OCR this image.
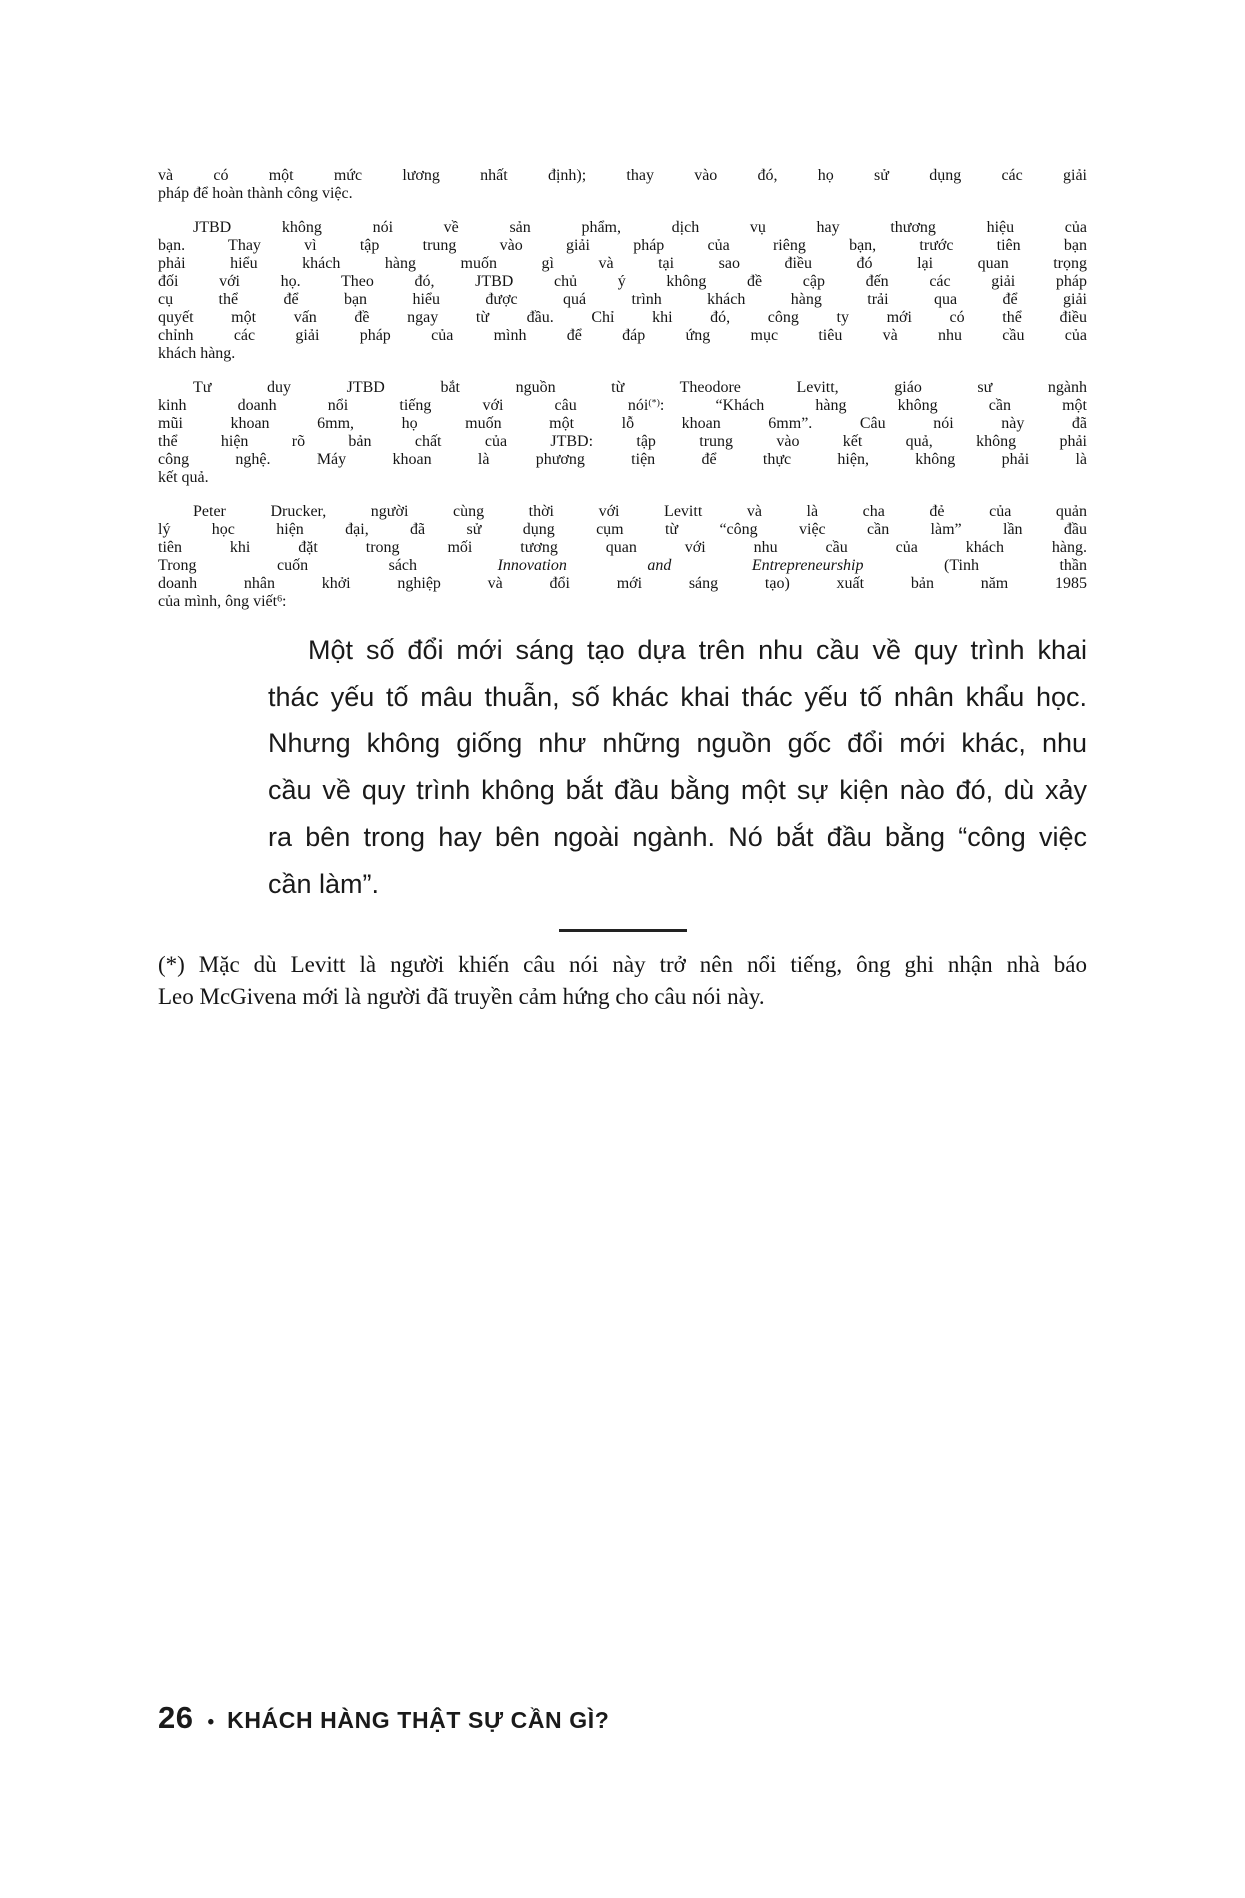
và có một mức lương nhất định); thay vào đó, họ sử dụng các giải
pháp để hoàn thành công việc.

JTBD không nói về sản phẩm, dịch vụ hay thương hiệu của
bạn. Thay vì tập trung vào giải pháp của riêng bạn, trước tiên bạn
phải hiểu khách hàng muốn gì và tại sao điều đó lại quan trọng
đối với họ. Theo đó, JTBD chủ ý không đề cập đến các giải pháp
cụ thể để bạn hiểu được quá trình khách hàng trải qua để giải
quyết một vấn đề ngay từ đầu. Chỉ khi đó, công ty mới có thể điều
chỉnh các giải pháp của mình để đáp ứng mục tiêu và nhu cầu của
khách hàng.

Tư duy JTBD bắt nguồn từ Theodore Levitt, giáo sư ngành
kinh doanh nổi tiếng với câu nói(*): “Khách hàng không cần một
mũi khoan 6mm, họ muốn một lỗ khoan 6mm”. Câu nói này đã
thể hiện rõ bản chất của JTBD: tập trung vào kết quả, không phải
công nghệ. Máy khoan là phương tiện để thực hiện, không phải là
kết quả.

Peter Drucker, người cùng thời với Levitt và là cha đẻ của quản
lý học hiện đại, đã sử dụng cụm từ “công việc cần làm” lần đầu
tiên khi đặt trong mối tương quan với nhu cầu của khách hàng.
Trong cuốn sách Innovation and Entrepreneurship (Tinh thần
doanh nhân khởi nghiệp và đổi mới sáng tạo) xuất bản năm 1985
của mình, ông viết$^6$:

Một số đổi mới sáng tạo dựa trên nhu cầu về quy trình khai
thác yếu tố mâu thuẫn, số khác khai thác yếu tố nhân khẩu học.
Nhưng không giống như những nguồn gốc đổi mới khác, nhu
cầu về quy trình không bắt đầu bằng một sự kiện nào đó, dù xảy
ra bên trong hay bên ngoài ngành. Nó bắt đầu bằng “công việc
cần làm”.
(*) Mặc dù Levitt là người khiến câu nói này trở nên nổi tiếng, ông ghi nhận nhà báo
Leo McGivena mới là người đã truyền cảm hứng cho câu nói này.
26 • KHÁCH HÀNG THẬT SỰ CẦN GÌ?
